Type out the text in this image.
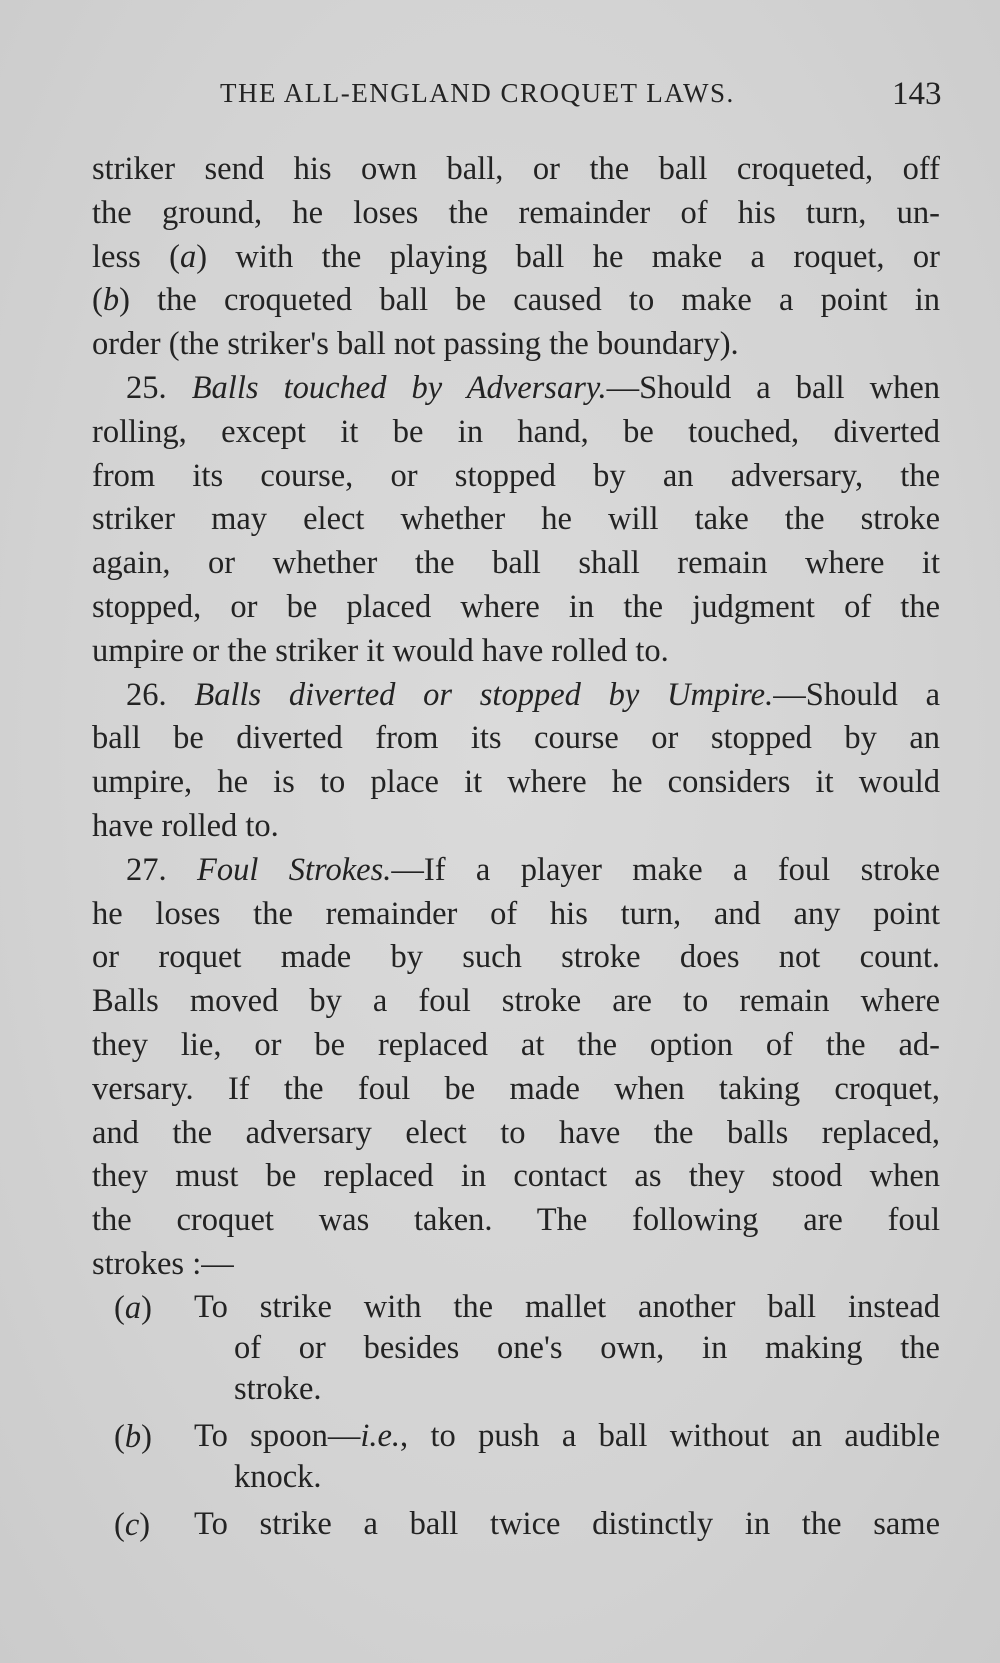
THE ALL-ENGLAND CROQUET LAWS.	143
striker send his own ball, or the ball croqueted, off
the ground, he loses the remainder of his turn, un-
less (a) with the playing ball he make a roquet, or
(b) the croqueted ball be caused to make a point in
order (the striker's ball not passing the boundary).
25. Balls touched by Adversary.—Should a ball when
rolling, except it be in hand, be touched, diverted
from its course, or stopped by an adversary, the
striker may elect whether he will take the stroke
again, or whether the ball shall remain where it
stopped, or be placed where in the judgment of the
umpire or the striker it would have rolled to.
26. Balls diverted or stopped by Umpire.—Should a
ball be diverted from its course or stopped by an
umpire, he is to place it where he considers it would
have rolled to.
27. Foul Strokes.—If a player make a foul stroke
he loses the remainder of his turn, and any point
or roquet made by such stroke does not count.
Balls moved by a foul stroke are to remain where
they lie, or be replaced at the option of the ad-
versary. If the foul be made when taking croquet,
and the adversary elect to have the balls replaced,
they must be replaced in contact as they stood when
the croquet was taken. The following are foul
strokes :—
(a) To strike with the mallet another ball instead
of or besides one's own, in making the
stroke.
(b) To spoon—i.e., to push a ball without an audible
knock.
(c) To strike a ball twice distinctly in the same
